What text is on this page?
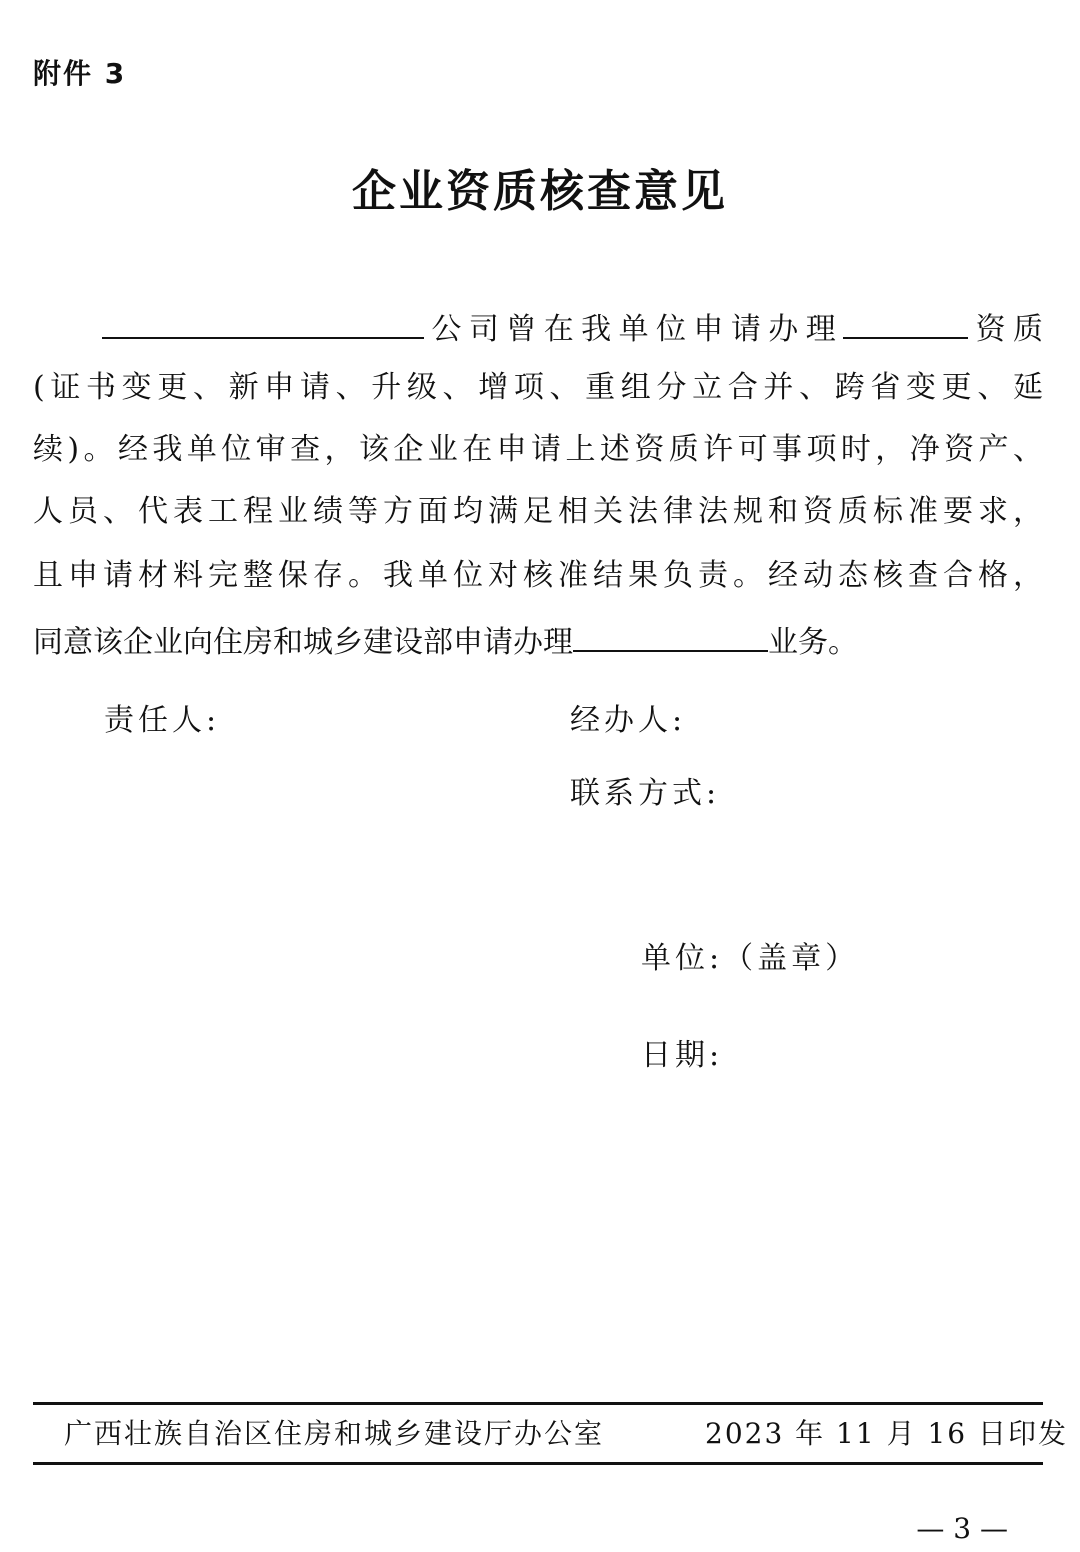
附件 3
企业资质核查意见
公司曾在我单位申请办理	资质
(证书变更、新申请、升级、增项、重组分立合并、跨省变更、延
续)。经我单位审查，该企业在申请上述资质许可事项时，净资产、
人员、代表工程业绩等方面均满足相关法律法规和资质标准要求，
且申请材料完整保存。我单位对核准结果负责。经动态核查合格，
同意该企业向住房和城乡建设部申请办理	业务。
责任人:	经办人:
联系方式:
单位:（盖章）
日期:
广西壮族自治区住房和城乡建设厅办公室	2023 年 11 月 16 日印发
— 3 —
